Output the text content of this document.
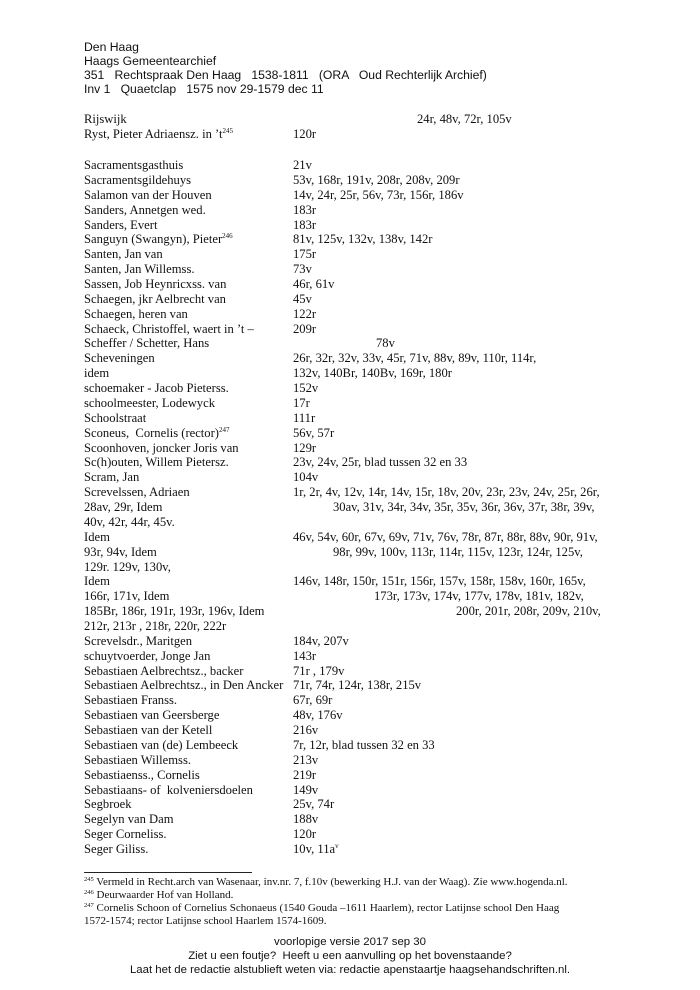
Den Haag
Haags Gemeentearchief
351   Rechtspraak Den Haag   1538-1811   (ORA   Oud Rechterlijk Archief)
Inv 1   Quaetclap   1575 nov 29-1579 dec 11
Rijswijk	24r, 48v, 72r, 105v
Ryst, Pieter Adriaensz. in $’t^{245}$	120r
Sacramentsgasthuis	21v
Sacramentsgildehuys	53v, 168r, 191v, 208r, 208v, 209r
Salamon van der Houven	14v, 24r, 25r, 56v, 73r, 156r, 186v
Sanders, Annetgen wed.	183r
Sanders, Evert	183r
Sanguyn (Swangyn), Pieter$^{246}$	81v, 125v, 132v, 138v, 142r
Santen, Jan van	175r
Santen, Jan Willemss.	73v
Sassen, Job Heynricxss. van	46r, 61v
Schaegen, jkr Aelbrecht van	45v
Schaegen, heren van	122r
Schaeck, Christoffel, waert in ’t –	209r
Scheffer / Schetter, Hans	78v
Scheveningen	26r, 32r, 32v, 33v, 45r, 71v, 88v, 89v, 110r, 114r,
idem	132v, 140Br, 140Bv, 169r, 180r
schoemaker - Jacob Pieterss.	152v
schoolmeester, Lodewyck	17r
Schoolstraat	111r
Sconeus,  Cornelis (rector)$^{247}$	56v, 57r
Scoonhoven, joncker Joris van	129r
Sc(h)outen, Willem Pietersz.	23v, 24v, 25r, blad tussen 32 en 33
Scram, Jan	104v
Screvelssen, Adriaen	1r, 2r, 4v, 12v, 14r, 14v, 15r, 18v, 20v, 23r, 23v, 24v, 25r, 26r,
28av, 29r, Idem	30av, 31v, 34r, 34v, 35r, 35v, 36r, 36v, 37r, 38r, 39v,
40v, 42r, 44r, 45v.
Idem	46v, 54v, 60r, 67v, 69v, 71v, 76v, 78r, 87r, 88r, 88v, 90r, 91v,
93r, 94v, Idem	98r, 99v, 100v, 113r, 114r, 115v, 123r, 124r, 125v,
129r. 129v, 130v,
Idem	146v, 148r, 150r, 151r, 156r, 157v, 158r, 158v, 160r, 165v,
166r, 171v, Idem	173r, 173v, 174v, 177v, 178v, 181v, 182v,
185Br, 186r, 191r, 193r, 196v, Idem	200r, 201r, 208r, 209v, 210v,
212r, 213r , 218r, 220r, 222r
Screvelsdr., Maritgen	184v, 207v
schuytvoerder, Jonge Jan	143r
Sebastiaen Aelbrechtsz., backer	71r , 179v
Sebastiaen Aelbrechtsz., in Den Ancker 71r, 74r, 124r, 138r, 215v
Sebastiaen Franss.	67r, 69r
Sebastiaen van Geersberge	48v, 176v
Sebastiaen van der Ketell	216v
Sebastiaen van (de) Lembeeck	7r, 12r, blad tussen 32 en 33
Sebastiaen Willemss.	213v
Sebastiaenss., Cornelis	219r
Sebastiaans- of  kolveniersdoelen	149v
Segbroek	25v, 74r
Segelyn van Dam	188v
Seger Corneliss.	120r
Seger Giliss.	10v, $11a^v$
$^{245}$ Vermeld in Recht.arch van Wasenaar, inv.nr. 7, f.10v (bewerking H.J. van der Waag). Zie www.hogenda.nl.
$^{246}$ Deurwaarder Hof van Holland.
$^{247}$ Cornelis Schoon of Cornelius Schonaeus (1540 Gouda –1611 Haarlem), rector Latijnse school Den Haag
1572-1574; rector Latijnse school Haarlem 1574-1609.
voorlopige versie 2017 sep 30
Ziet u een foutje?  Heeft u een aanvulling op het bovenstaande?
Laat het de redactie alstublieft weten via: redactie apenstaartje haagsehandschriften.nl.
